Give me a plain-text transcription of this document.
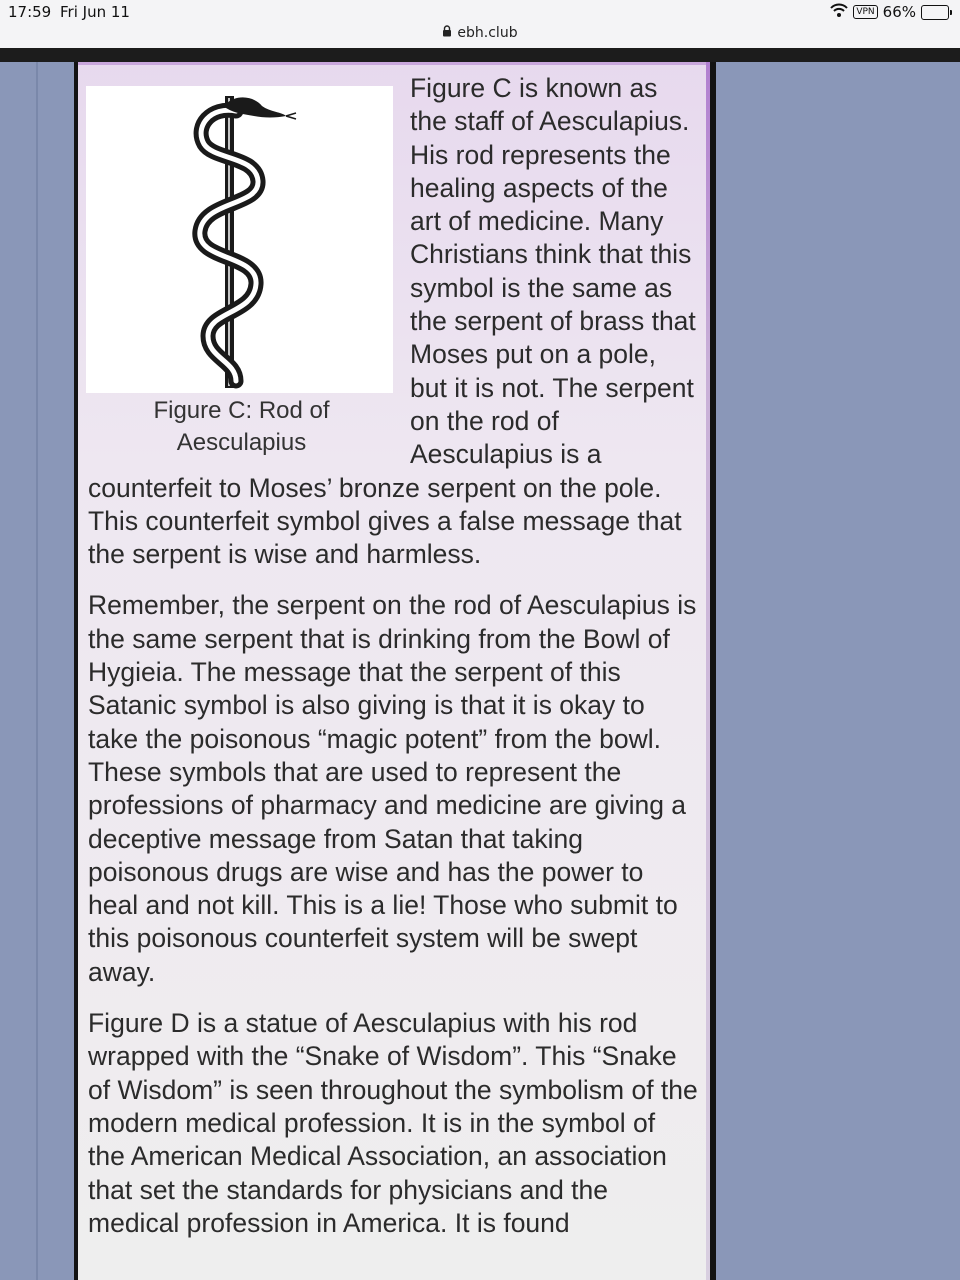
17:59 Fri Jun 11	VPN 66%
ebh.club
Figure C: Rod of Aesculapius

Figure C is known as the staff of Aesculapius. His rod represents the healing aspects of the art of medicine. Many Christians think that this symbol is the same as the serpent of brass that Moses put on a pole, but it is not. The serpent on the rod of Aesculapius is a counterfeit to Moses’ bronze serpent on the pole. This counterfeit symbol gives a false message that the serpent is wise and harmless.

Remember, the serpent on the rod of Aesculapius is the same serpent that is drinking from the Bowl of Hygieia. The message that the serpent of this Satanic symbol is also giving is that it is okay to take the poisonous “magic potent” from the bowl. These symbols that are used to represent the professions of pharmacy and medicine are giving a deceptive message from Satan that taking poisonous drugs are wise and has the power to heal and not kill. This is a lie! Those who submit to this poisonous counterfeit system will be swept away.

Figure D is a statue of Aesculapius with his rod wrapped with the “Snake of Wisdom”. This “Snake of Wisdom” is seen throughout the symbolism of the modern medical profession. It is in the symbol of the American Medical Association, an association that set the standards for physicians and the medical profession in America. It is found
